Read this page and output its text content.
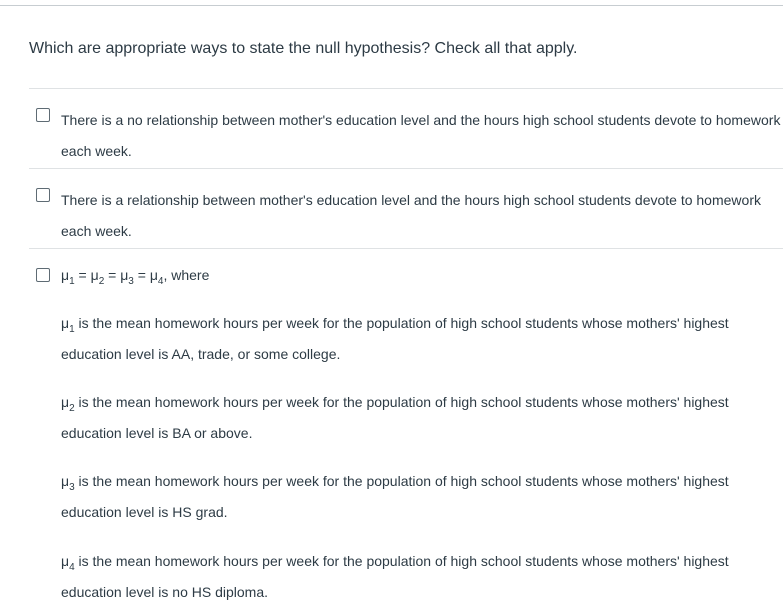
Which are appropriate ways to state the null hypothesis? Check all that apply.
There is a no relationship between mother's education level and the hours high school students devote to homework each week.
There is a relationship between mother's education level and the hours high school students devote to homework each week.
$\mu_1 = \mu_2 = \mu_3 = \mu_4$, where
$\mu_1$ is the mean homework hours per week for the population of high school students whose mothers' highest education level is AA, trade, or some college.
$\mu_2$ is the mean homework hours per week for the population of high school students whose mothers' highest education level is BA or above.
$\mu_3$ is the mean homework hours per week for the population of high school students whose mothers' highest education level is HS grad.
$\mu_4$ is the mean homework hours per week for the population of high school students whose mothers' highest education level is no HS diploma.
